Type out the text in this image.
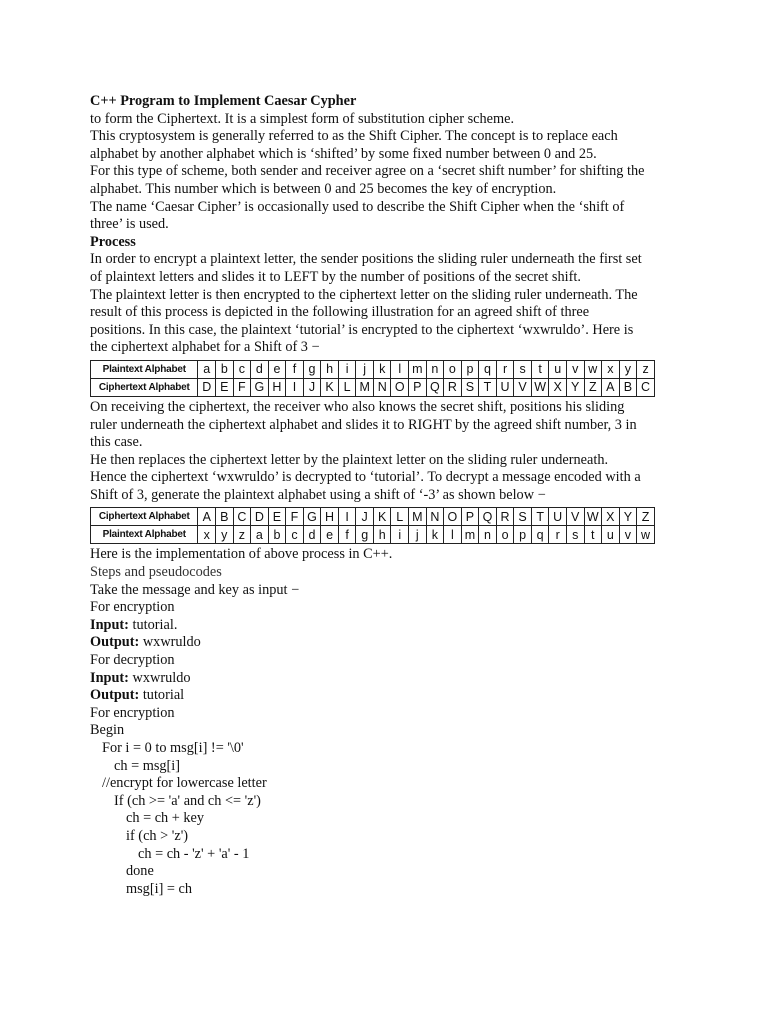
C++ Program to Implement Caesar Cypher
to form the Ciphertext. It is a simplest form of substitution cipher scheme.
This cryptosystem is generally referred to as the Shift Cipher. The concept is to replace each
alphabet by another alphabet which is ‘shifted’ by some fixed number between 0 and 25.
For this type of scheme, both sender and receiver agree on a ‘secret shift number’ for shifting the
alphabet. This number which is between 0 and 25 becomes the key of encryption.
The name ‘Caesar Cipher’ is occasionally used to describe the Shift Cipher when the ‘shift of
three’ is used.
Process
In order to encrypt a plaintext letter, the sender positions the sliding ruler underneath the first set
of plaintext letters and slides it to LEFT by the number of positions of the secret shift.
The plaintext letter is then encrypted to the ciphertext letter on the sliding ruler underneath. The
result of this process is depicted in the following illustration for an agreed shift of three
positions. In this case, the plaintext ‘tutorial’ is encrypted to the ciphertext ‘wxwruldo’. Here is
the ciphertext alphabet for a Shift of 3 −
Plaintext Alphabet	a	b	c	d	e	f	g	h	i	j	k	l	m	n	o	p	q	r	s	t	u	v	w	x	y	z
Ciphertext Alphabet	D	E	F	G	H	I	J	K	L	M	N	O	P	Q	R	S	T	U	V	W	X	Y	Z	A	B	C
On receiving the ciphertext, the receiver who also knows the secret shift, positions his sliding
ruler underneath the ciphertext alphabet and slides it to RIGHT by the agreed shift number, 3 in
this case.
He then replaces the ciphertext letter by the plaintext letter on the sliding ruler underneath.
Hence the ciphertext ‘wxwruldo’ is decrypted to ‘tutorial’. To decrypt a message encoded with a
Shift of 3, generate the plaintext alphabet using a shift of ‘-3’ as shown below −
Ciphertext Alphabet	A	B	C	D	E	F	G	H	I	J	K	L	M	N	O	P	Q	R	S	T	U	V	W	X	Y	Z
Plaintext Alphabet	x	y	z	a	b	c	d	e	f	g	h	i	j	k	l	m	n	o	p	q	r	s	t	u	v	w
Here is the implementation of above process in C++.
Steps and pseudocodes
Take the message and key as input −
For encryption
Input: tutorial.
Output: wxwruldo
For decryption
Input: wxwruldo
Output: tutorial
For encryption
Begin
For i = 0 to msg[i] != '\0'
ch = msg[i]
//encrypt for lowercase letter
If (ch >= 'a' and ch <= 'z')
ch = ch + key
if (ch > 'z')
ch = ch - 'z' + 'a' - 1
done
msg[i] = ch
